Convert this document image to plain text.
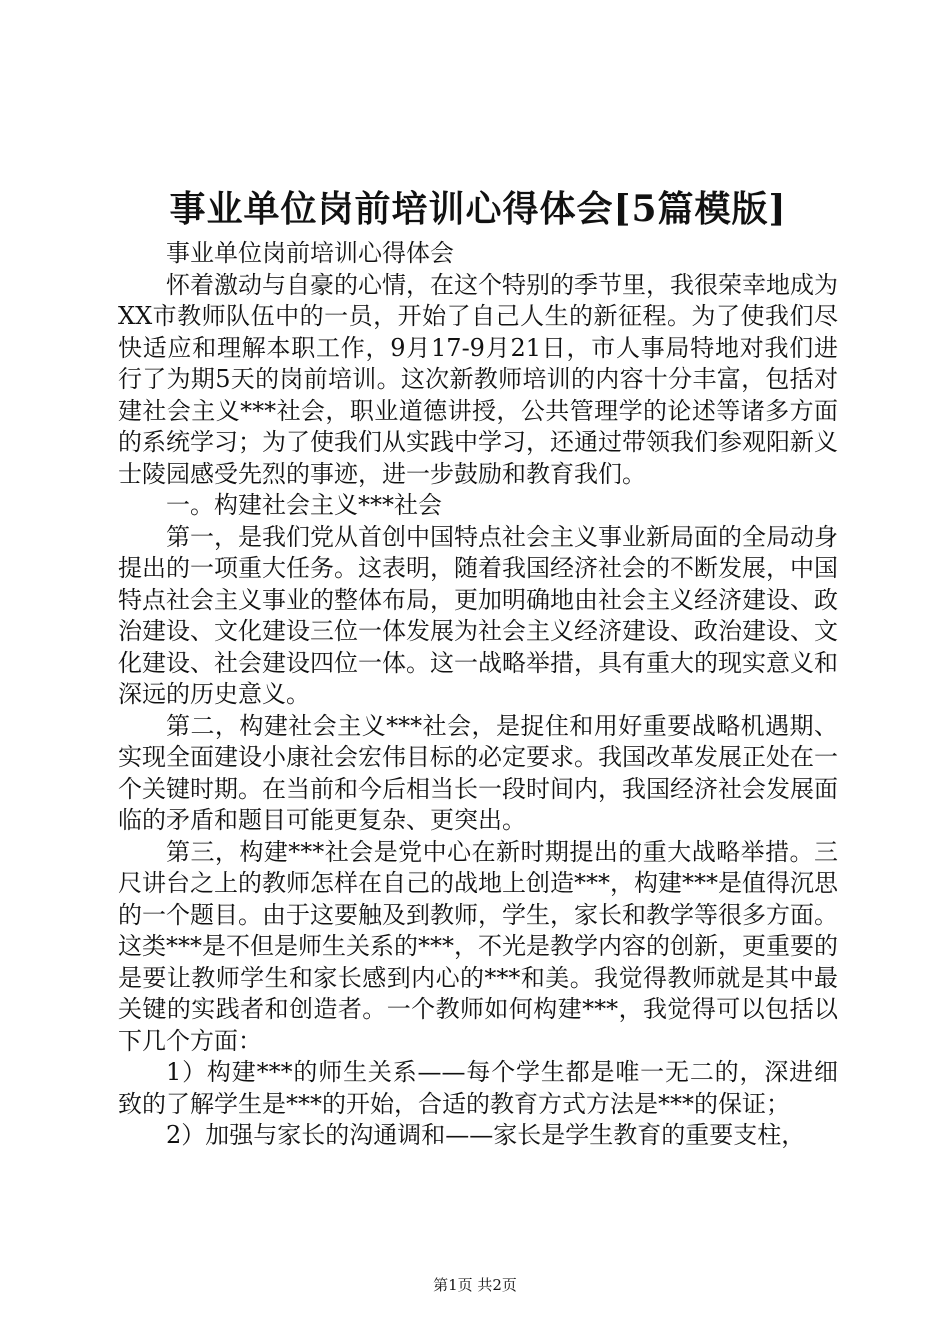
事业单位岗前培训心得体会[5篇模版]

事业单位岗前培训心得体会

怀着激动与自豪的心情，在这个特别的季节里，我很荣幸地成为XX市教师队伍中的一员，开始了自己人生的新征程。为了使我们尽快适应和理解本职工作，9月17-9月21日，市人事局特地对我们进行了为期5天的岗前培训。这次新教师培训的内容十分丰富，包括对建社会主义***社会，职业道德讲授，公共管理学的论述等诸多方面的系统学习；为了使我们从实践中学习，还通过带领我们参观阳新义士陵园感受先烈的事迹，进一步鼓励和教育我们。

一。构建社会主义***社会

第一，是我们党从首创中国特点社会主义事业新局面的全局动身提出的一项重大任务。这表明，随着我国经济社会的不断发展，中国特点社会主义事业的整体布局，更加明确地由社会主义经济建设、政治建设、文化建设三位一体发展为社会主义经济建设、政治建设、文化建设、社会建设四位一体。这一战略举措，具有重大的现实意义和深远的历史意义。

第二，构建社会主义***社会，是捉住和用好重要战略机遇期、实现全面建设小康社会宏伟目标的必定要求。我国改革发展正处在一个关键时期。在当前和今后相当长一段时间内，我国经济社会发展面临的矛盾和题目可能更复杂、更突出。

第三，构建***社会是党中心在新时期提出的重大战略举措。三尺讲台之上的教师怎样在自己的战地上创造***，构建***是值得沉思的一个题目。由于这要触及到教师，学生，家长和教学等很多方面。这类***是不但是师生关系的***，不光是教学内容的创新，更重要的是要让教师学生和家长感到内心的***和美。我觉得教师就是其中最关键的实践者和创造者。一个教师如何构建***，我觉得可以包括以下几个方面：

1）构建***的师生关系——每个学生都是唯一无二的，深进细致的了解学生是***的开始，合适的教育方式方法是***的保证；

2）加强与家长的沟通调和——家长是学生教育的重要支柱，

第1页 共2页
